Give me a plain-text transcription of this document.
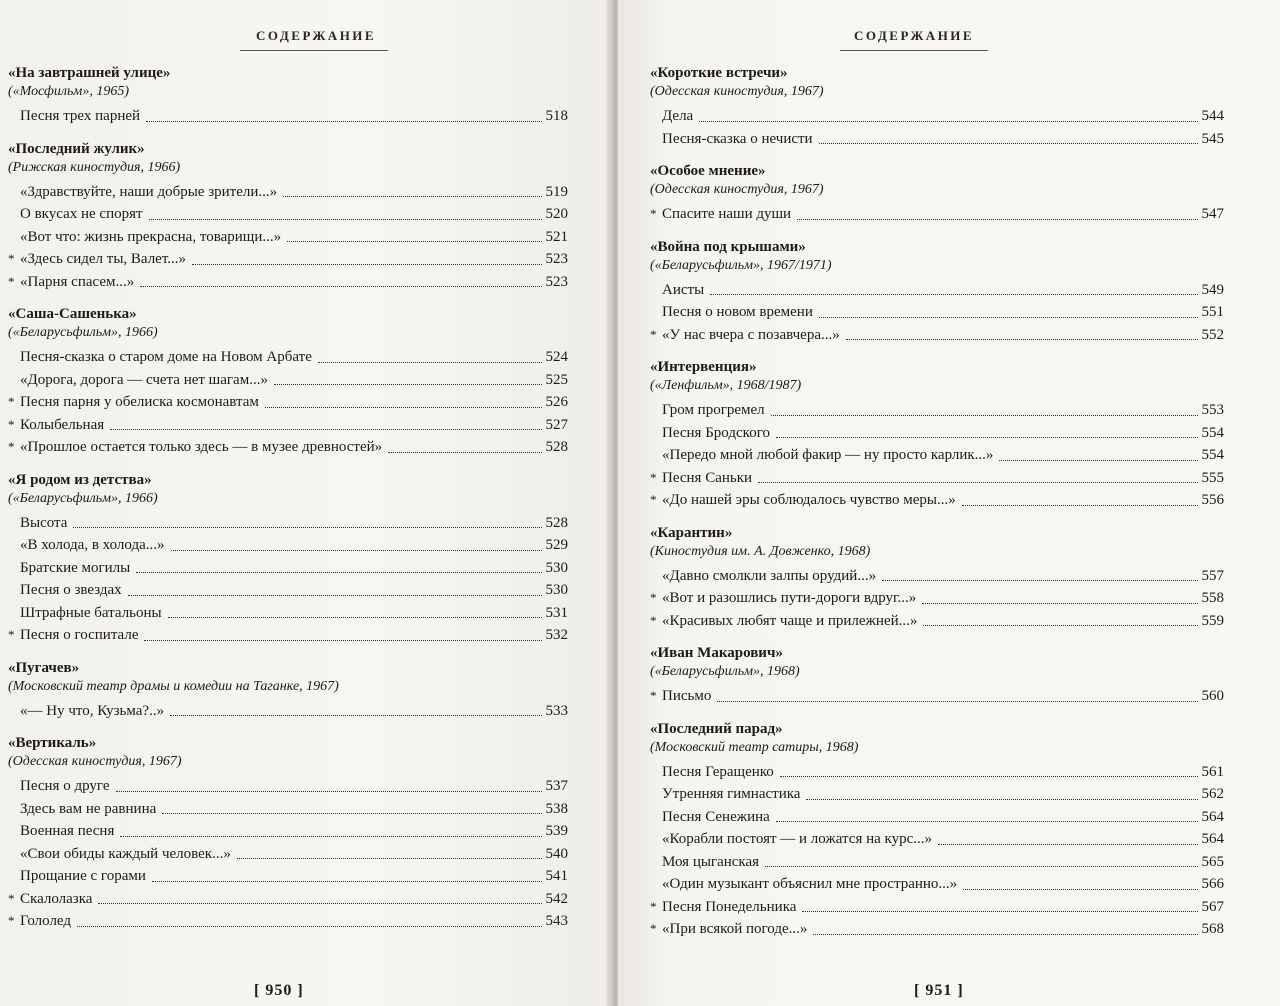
СОДЕРЖАНИЕ
«На завтрашней улице»
(«Мосфильм», 1965)
Песня трех парней	518
«Последний жулик»
(Рижская киностудия, 1966)
«Здравствуйте, наши добрые зрители...»	519
О вкусах не спорят	520
«Вот что: жизнь прекрасна, товарищи...»	521
* «Здесь сидел ты, Валет...»	523
* «Парня спасем...»	523
«Саша-Сашенька»
(«Беларусьфильм», 1966)
Песня-сказка о старом доме на Новом Арбате	524
«Дорога, дорога — счета нет шагам...»	525
* Песня парня у обелиска космонавтам	526
* Колыбельная	527
* «Прошлое остается только здесь — в музее древностей»	528
«Я родом из детства»
(«Беларусьфильм», 1966)
Высота	528
«В холода, в холода...»	529
Братские могилы	530
Песня о звездах	530
Штрафные батальоны	531
* Песня о госпитале	532
«Пугачев»
(Московский театр драмы и комедии на Таганке, 1967)
«— Ну что, Кузьма?..»	533
«Вертикаль»
(Одесская киностудия, 1967)
Песня о друге	537
Здесь вам не равнина	538
Военная песня	539
«Свои обиды каждый человек...»	540
Прощание с горами	541
* Скалолазка	542
* Гололед	543
[ 950 ]
СОДЕРЖАНИЕ
«Короткие встречи»
(Одесская киностудия, 1967)
Дела	544
Песня-сказка о нечисти	545
«Особое мнение»
(Одесская киностудия, 1967)
* Спасите наши души	547
«Война под крышами»
(«Беларусьфильм», 1967/1971)
Аисты	549
Песня о новом времени	551
* «У нас вчера с позавчера...»	552
«Интервенция»
(«Ленфильм», 1968/1987)
Гром прогремел	553
Песня Бродского	554
«Передо мной любой факир — ну просто карлик...»	554
* Песня Саньки	555
* «До нашей эры соблюдалось чувство меры...»	556
«Карантин»
(Киностудия им. А. Довженко, 1968)
«Давно смолкли залпы орудий...»	557
* «Вот и разошлись пути-дороги вдруг...»	558
* «Красивых любят чаще и прилежней...»	559
«Иван Макарович»
(«Беларусьфильм», 1968)
* Письмо	560
«Последний парад»
(Московский театр сатиры, 1968)
Песня Геращенко	561
Утренняя гимнастика	562
Песня Сенежина	564
«Корабли постоят — и ложатся на курс...»	564
Моя цыганская	565
«Один музыкант объяснил мне пространно...»	566
* Песня Понедельника	567
* «При всякой погоде...»	568
[ 951 ]
